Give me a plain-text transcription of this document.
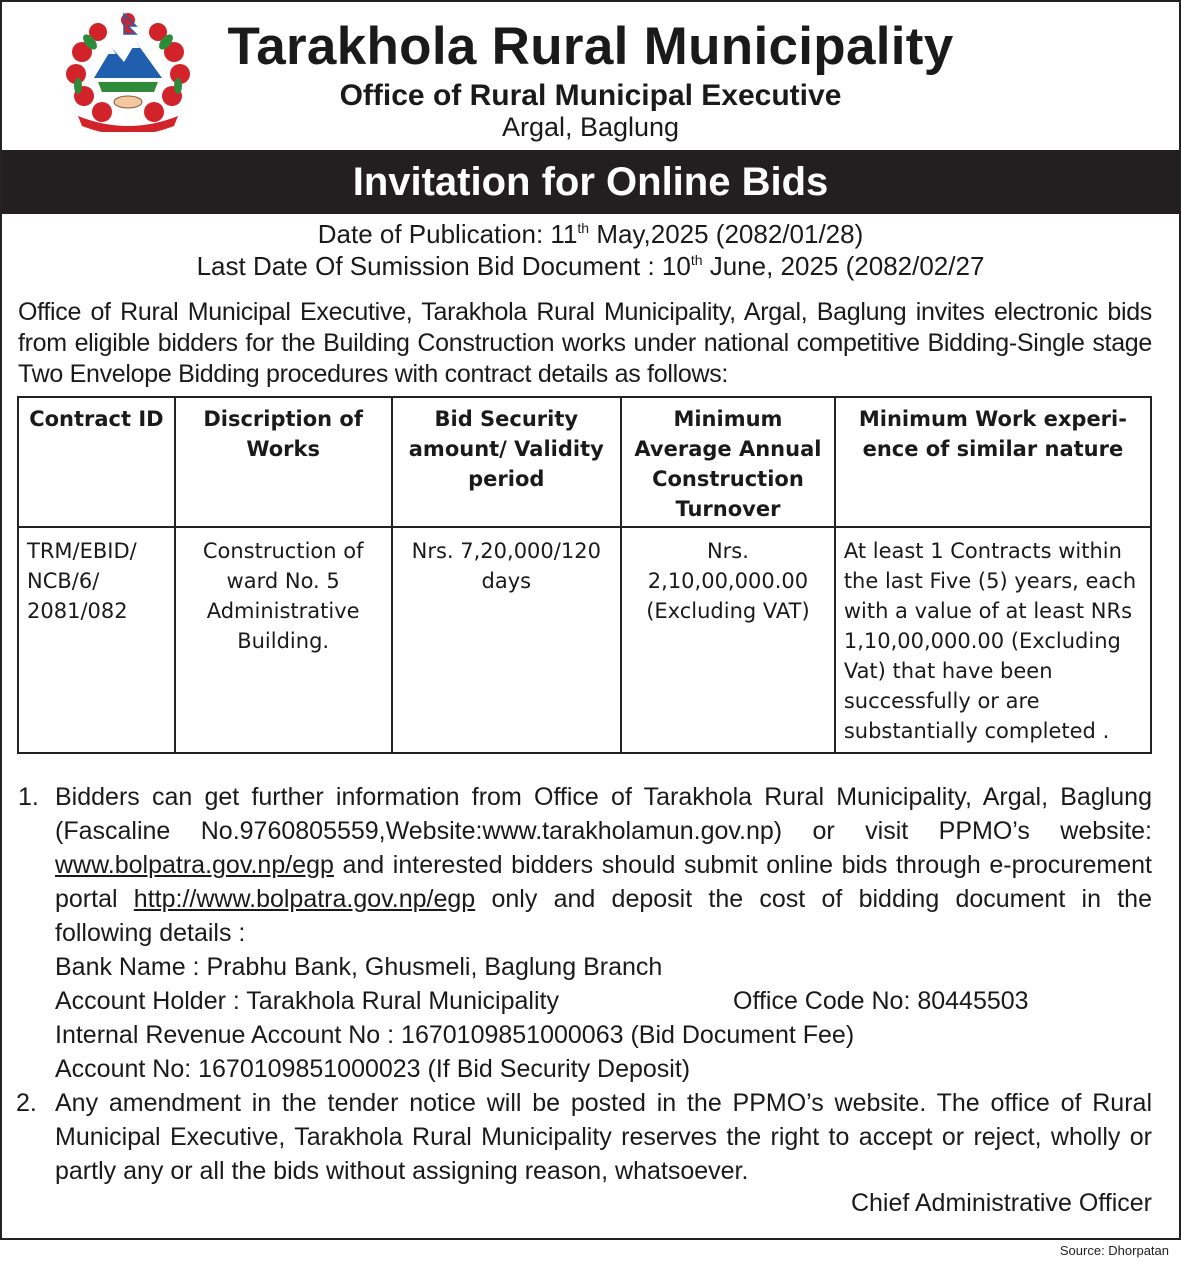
Tarakhola Rural Municipality
Office of Rural Municipal Executive
Argal, Baglung
Invitation for Online Bids
Date of Publication: 11th May,2025 (2082/01/28)
Last Date Of Sumission Bid Document : 10th June, 2025 (2082/02/27

Office of Rural Municipal Executive, Tarakhola Rural Municipality, Argal, Baglung invites electronic bids from eligible bidders for the Building Construction works under national competitive Bidding-Single stage Two Envelope Bidding procedures with contract details as follows:

Contract ID	Discription of Works	Bid Security amount/ Validity period	Minimum Average Annual Construction Turnover	Minimum Work experi-ence of similar nature
TRM/EBID/ NCB/6/ 2081/082	Construction of ward No. 5 Administrative Building.	Nrs. 7,20,000/120 days	Nrs. 2,10,00,000.00 (Excluding VAT)	At least 1 Contracts within the last Five (5) years, each with a value of at least NRs 1,10,00,000.00 (Excluding Vat) that have been successfully or are substantially completed .
1. Bidders can get further information from Office of Tarakhola Rural Municipality, Argal, Baglung (Fascaline No.9760805559,Website:www.tarakholamun.gov.np) or visit PPMO’s website: www.bolpatra.gov.np/egp and interested bidders should submit online bids through e-procurement portal http://www.bolpatra.gov.np/egp only and deposit the cost of bidding document in the following details :
Bank Name : Prabhu Bank, Ghusmeli, Baglung Branch
Account Holder : Tarakhola Rural Municipality	Office Code No: 80445503
Internal Revenue Account No : 1670109851000063 (Bid Document Fee)
Account No: 1670109851000023 (If Bid Security Deposit)
2. Any amendment in the tender notice will be posted in the PPMO’s website. The office of Rural Municipal Executive, Tarakhola Rural Municipality reserves the right to accept or reject, wholly or partly any or all the bids without assigning reason, whatsoever.
Chief Administrative Officer
Source: Dhorpatan
